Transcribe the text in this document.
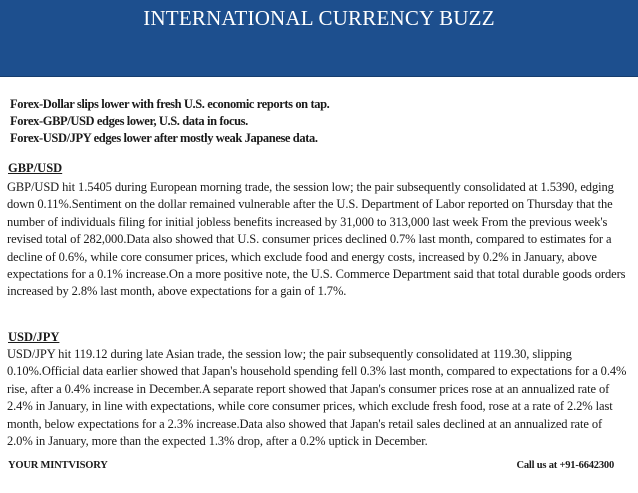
INTERNATIONAL CURRENCY BUZZ
Forex-Dollar slips lower with fresh U.S. economic reports on tap.
Forex-GBP/USD edges lower, U.S. data in focus.
Forex-USD/JPY edges lower after mostly weak Japanese data.
GBP/USD
GBP/USD hit 1.5405 during European morning trade, the session low; the pair subsequently consolidated at 1.5390, edging down 0.11%.Sentiment on the dollar remained vulnerable after the U.S. Department of Labor reported on Thursday that the number of individuals filing for initial jobless benefits increased by 31,000 to 313,000 last week From the previous week's revised total of 282,000.Data also showed that U.S. consumer prices declined 0.7% last month, compared to estimates for a decline of 0.6%, while core consumer prices, which exclude food and energy costs, increased by 0.2% in January, above expectations for a 0.1% increase.On a more positive note, the U.S. Commerce Department said that total durable goods orders increased by 2.8% last month, above expectations for a gain of 1.7%.
USD/JPY
USD/JPY hit 119.12 during late Asian trade, the session low; the pair subsequently consolidated at 119.30, slipping 0.10%.Official data earlier showed that Japan's household spending fell 0.3% last month, compared to expectations for a 0.4% rise, after a 0.4% increase in December.A separate report showed that Japan's consumer prices rose at an annualized rate of 2.4% in January, in line with expectations, while core consumer prices, which exclude fresh food, rose at a rate of 2.2% last month, below expectations for a 2.3% increase.Data also showed that Japan's retail sales declined at an annualized rate of 2.0% in January, more than the expected 1.3% drop, after a 0.2% uptick in December.
YOUR MINTVISORY	Call us at +91-6642300
